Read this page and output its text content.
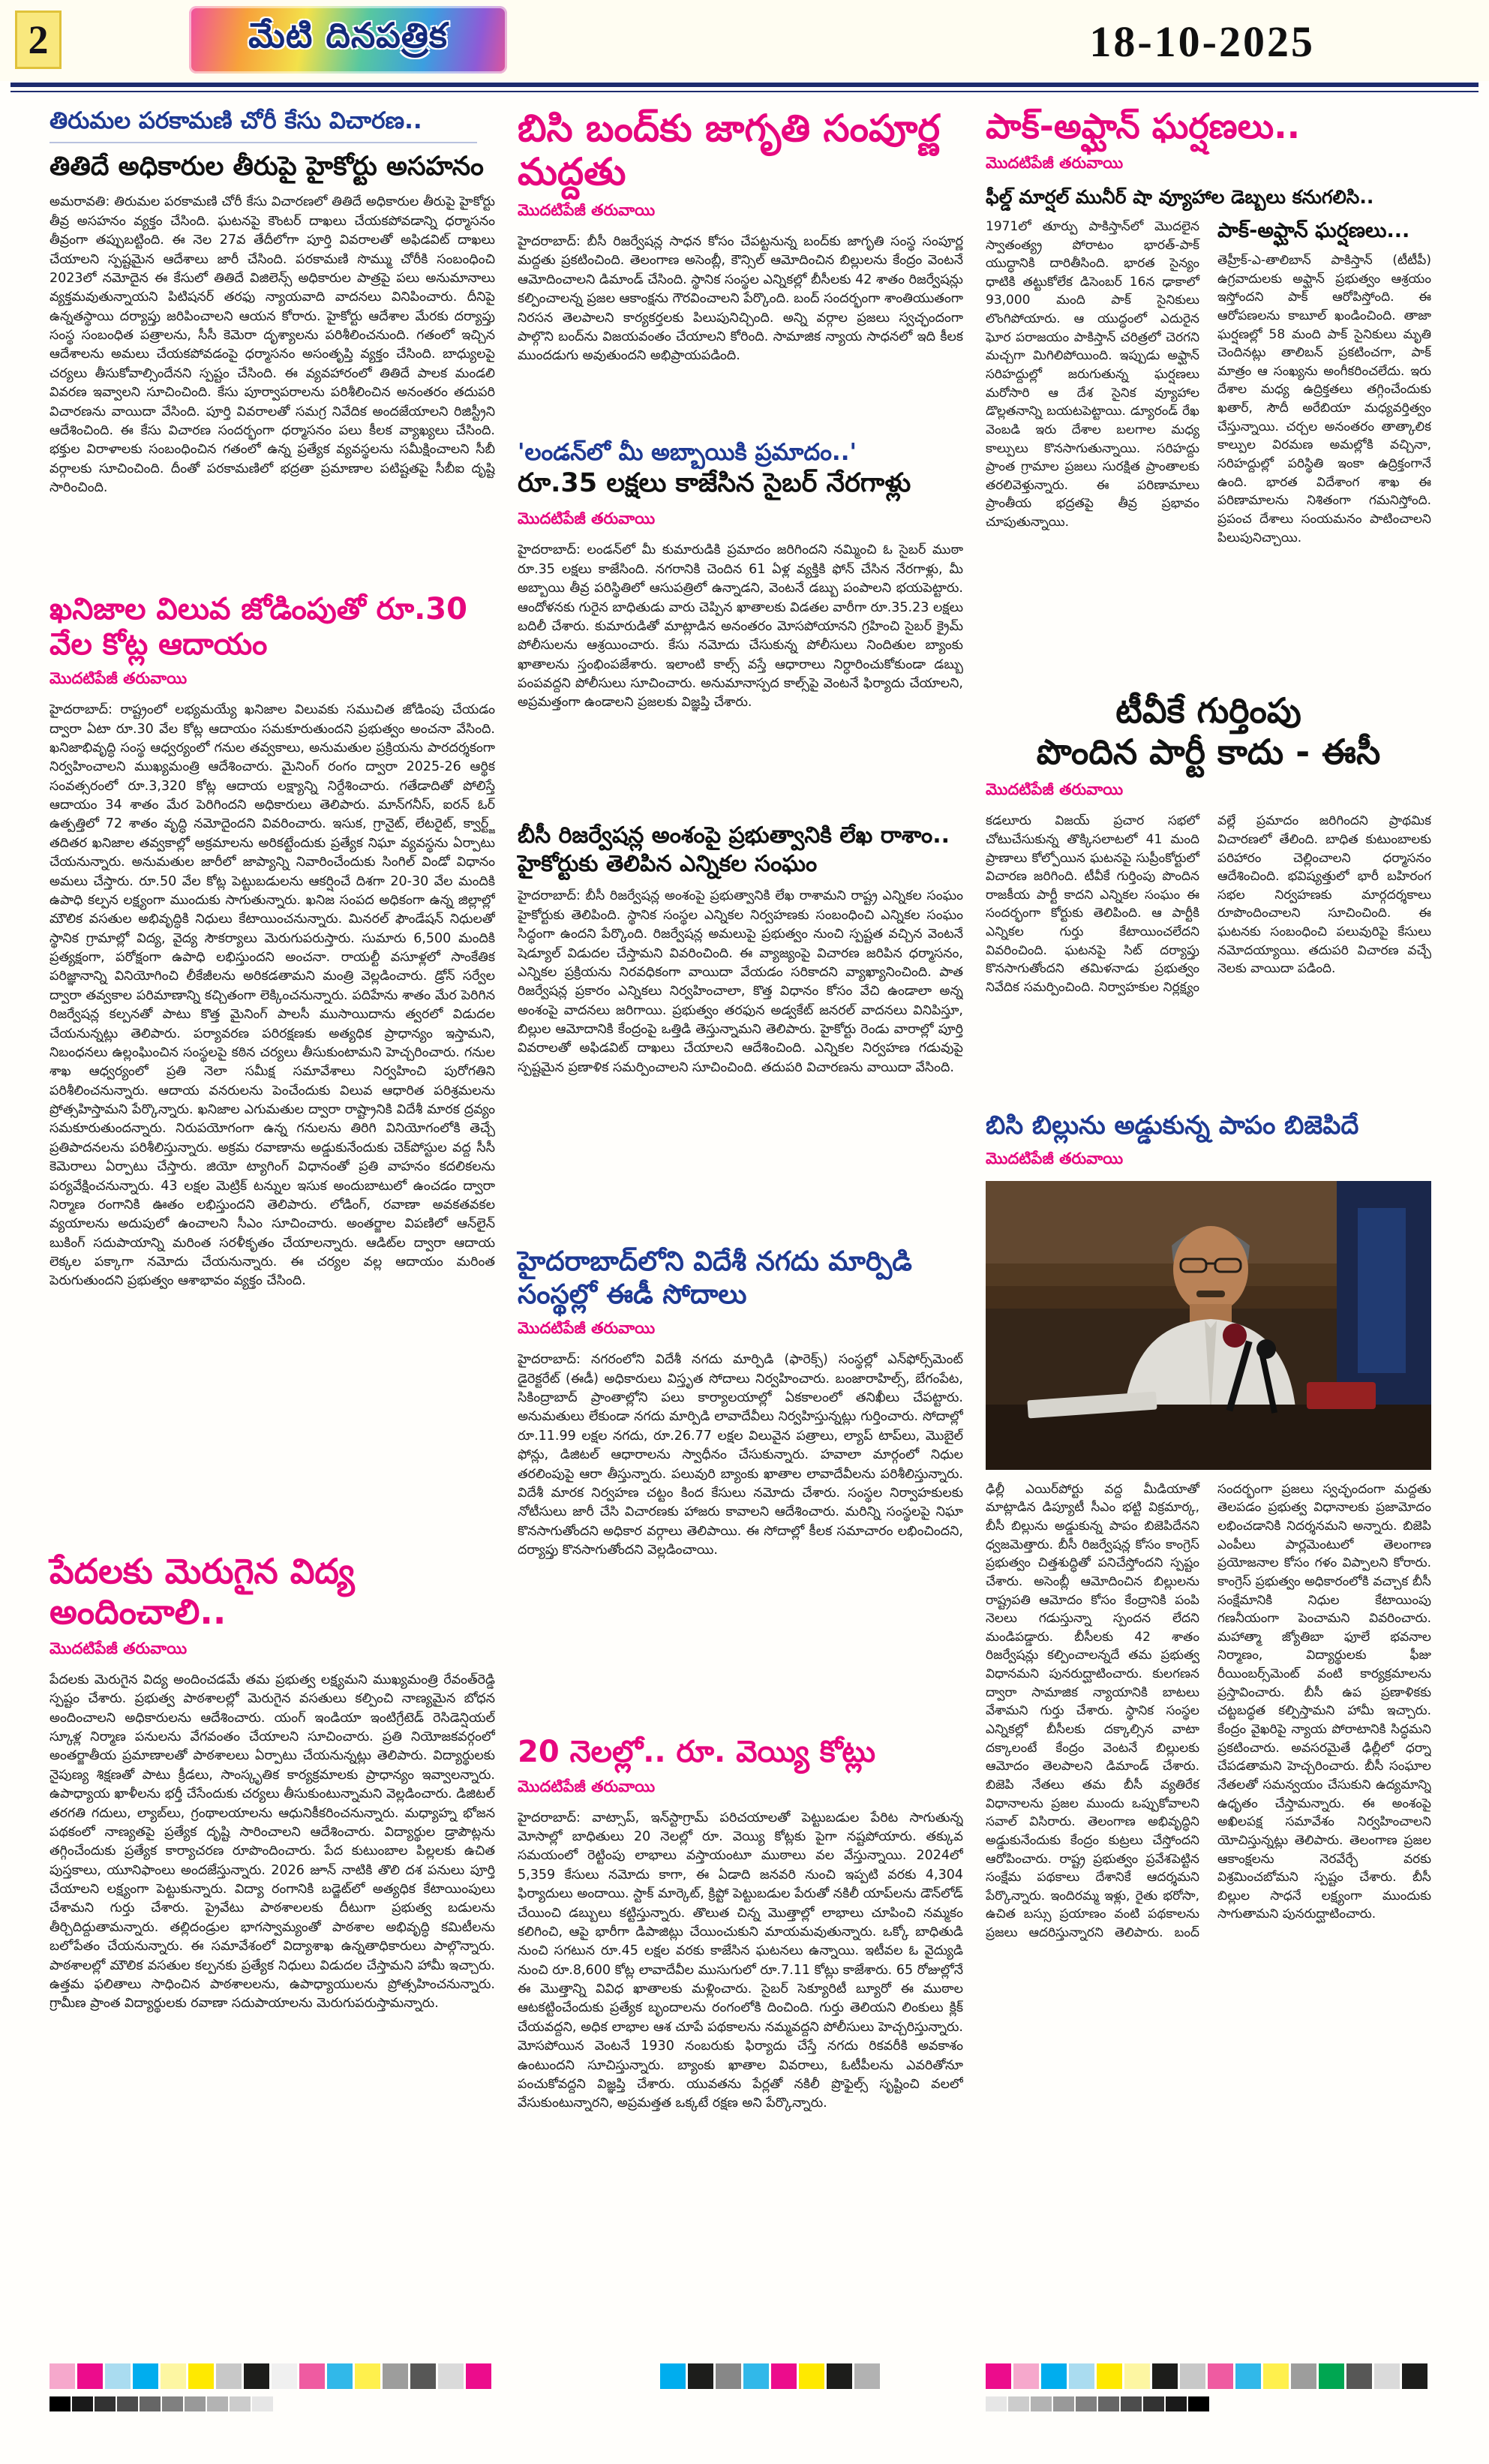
2	మేటి దినపత్రిక	18-10-2025
తిరుమల పరకామణి చోరీ కేసు విచారణ..
తితిదే అధికారుల తీరుపై హైకోర్టు అసహనం

అమరావతి: తిరుమల పరకామణి చోరీ కేసు విచారణలో తితిదే అధికారుల తీరుపై హైకోర్టు తీవ్ర అసహనం వ్యక్తం చేసింది. ఘటనపై కౌంటర్ దాఖలు చేయకపోవడాన్ని ధర్మాసనం తీవ్రంగా తప్పుబట్టింది. ఈ నెల 27వ తేదీలోగా పూర్తి వివరాలతో అఫిడవిట్ దాఖలు చేయాలని స్పష్టమైన ఆదేశాలు జారీ చేసింది. పరకామణి సొమ్ము చోరీకి సంబంధించి 2023లో నమోదైన ఈ కేసులో తితిదే విజిలెన్స్ అధికారుల పాత్రపై పలు అనుమానాలు వ్యక్తమవుతున్నాయని పిటిషనర్ తరఫు న్యాయవాది వాదనలు వినిపించారు. దీనిపై ఉన్నతస్థాయి దర్యాప్తు జరిపించాలని ఆయన కోరారు. హైకోర్టు ఆదేశాల మేరకు దర్యాప్తు సంస్థ సంబంధిత పత్రాలను, సీసీ కెమెరా దృశ్యాలను పరిశీలించనుంది. గతంలో ఇచ్చిన ఆదేశాలను అమలు చేయకపోవడంపై ధర్మాసనం అసంతృప్తి వ్యక్తం చేసింది. బాధ్యులపై చర్యలు తీసుకోవాల్సిందేనని స్పష్టం చేసింది. ఈ వ్యవహారంలో తితిదే పాలక మండలి వివరణ ఇవ్వాలని సూచించింది. కేసు పూర్వాపరాలను పరిశీలించిన అనంతరం తదుపరి విచారణను వాయిదా వేసింది. పూర్తి వివరాలతో సమగ్ర నివేదిక అందజేయాలని రిజిస్ట్రీని ఆదేశించింది. ఈ కేసు విచారణ సందర్భంగా ధర్మాసనం పలు కీలక వ్యాఖ్యలు చేసింది. భక్తుల విరాళాలకు సంబంధించిన గతంలో ఉన్న ప్రత్యేక వ్యవస్థలను సమీక్షించాలని సీబీ వర్గాలకు సూచించింది. దీంతో పరకామణిలో భద్రతా ప్రమాణాల పటిష్టతపై సీబీఐ దృష్టి సారించింది.

ఖనిజాల విలువ జోడింపుతో రూ.30 వేల కోట్ల ఆదాయం
మొదటిపేజీ తరువాయి

హైదరాబాద్: రాష్ట్రంలో లభ్యమయ్యే ఖనిజాల విలువకు సముచిత జోడింపు చేయడం ద్వారా ఏటా రూ.30 వేల కోట్ల ఆదాయం సమకూరుతుందని ప్రభుత్వం అంచనా వేసింది. ఖనిజాభివృద్ధి సంస్థ ఆధ్వర్యంలో గనుల తవ్వకాలు, అనుమతుల ప్రక్రియను పారదర్శకంగా నిర్వహించాలని ముఖ్యమంత్రి ఆదేశించారు. మైనింగ్ రంగం ద్వారా 2025-26 ఆర్థిక సంవత్సరంలో రూ.3,320 కోట్ల ఆదాయ లక్ష్యాన్ని నిర్దేశించారు. గతేడాదితో పోలిస్తే ఆదాయం 34 శాతం మేర పెరిగిందని అధికారులు తెలిపారు. మాన్‌గనీస్, ఐరన్ ఓర్ ఉత్పత్తిలో 72 శాతం వృద్ధి నమోదైందని వివరించారు. ఇసుక, గ్రానైట్, లేటరైట్, క్వార్ట్జ్ తదితర ఖనిజాల తవ్వకాల్లో అక్రమాలను అరికట్టేందుకు ప్రత్యేక నిఘా వ్యవస్థను ఏర్పాటు చేయనున్నారు. అనుమతుల జారీలో జాప్యాన్ని నివారించేందుకు సింగిల్ విండో విధానం అమలు చేస్తారు. రూ.50 వేల కోట్ల పెట్టుబడులను ఆకర్షించే దిశగా 20-30 వేల మందికి ఉపాధి కల్పన లక్ష్యంగా ముందుకు సాగుతున్నారు. ఖనిజ సంపద అధికంగా ఉన్న జిల్లాల్లో మౌలిక వసతుల అభివృద్ధికి నిధులు కేటాయించనున్నారు. మినరల్ ఫౌండేషన్ నిధులతో స్థానిక గ్రామాల్లో విద్య, వైద్య సౌకర్యాలు మెరుగుపరుస్తారు. సుమారు 6,500 మందికి ప్రత్యక్షంగా, పరోక్షంగా ఉపాధి లభిస్తుందని అంచనా. రాయల్టీ వసూళ్లలో సాంకేతిక పరిజ్ఞానాన్ని వినియోగించి లీకేజీలను అరికడతామని మంత్రి వెల్లడించారు. డ్రోన్ సర్వేల ద్వారా తవ్వకాల పరిమాణాన్ని కచ్చితంగా లెక్కించనున్నారు. పదిహేను శాతం మేర పెరిగిన రిజర్వేషన్ల కల్పనతో పాటు కొత్త మైనింగ్ పాలసీ ముసాయిదాను త్వరలో విడుదల చేయనున్నట్లు తెలిపారు. పర్యావరణ పరిరక్షణకు అత్యధిక ప్రాధాన్యం ఇస్తామని, నిబంధనలు ఉల్లంఘించిన సంస్థలపై కఠిన చర్యలు తీసుకుంటామని హెచ్చరించారు. గనుల శాఖ ఆధ్వర్యంలో ప్రతి నెలా సమీక్ష సమావేశాలు నిర్వహించి పురోగతిని పరిశీలించనున్నారు. ఆదాయ వనరులను పెంచేందుకు విలువ ఆధారిత పరిశ్రమలను ప్రోత్సహిస్తామని పేర్కొన్నారు. ఖనిజాల ఎగుమతుల ద్వారా రాష్ట్రానికి విదేశీ మారక ద్రవ్యం సమకూరుతుందన్నారు. నిరుపయోగంగా ఉన్న గనులను తిరిగి వినియోగంలోకి తెచ్చే ప్రతిపాదనలను పరిశీలిస్తున్నారు. అక్రమ రవాణాను అడ్డుకునేందుకు చెక్‌పోస్టుల వద్ద సీసీ కెమెరాలు ఏర్పాటు చేస్తారు. జియో ట్యాగింగ్ విధానంతో ప్రతి వాహనం కదలికలను పర్యవేక్షించనున్నారు. 43 లక్షల మెట్రిక్ టన్నుల ఇసుక అందుబాటులో ఉంచడం ద్వారా నిర్మాణ రంగానికి ఊతం లభిస్తుందని తెలిపారు. లోడింగ్, రవాణా అవకతవకల వ్యయాలను అదుపులో ఉంచాలని సీఎం సూచించారు. అంతర్జాల విపణిలో ఆన్‌లైన్ బుకింగ్ సదుపాయాన్ని మరింత సరళీకృతం చేయాలన్నారు. ఆడిట్‌ల ద్వారా ఆదాయ లెక్కల పక్కాగా నమోదు చేయనున్నారు. ఈ చర్యల వల్ల ఆదాయం మరింత పెరుగుతుందని ప్రభుత్వం ఆశాభావం వ్యక్తం చేసింది.

పేదలకు మెరుగైన విద్య అందించాలి..
మొదటిపేజీ తరువాయి

పేదలకు మెరుగైన విద్య అందించడమే తమ ప్రభుత్వ లక్ష్యమని ముఖ్యమంత్రి రేవంత్‌రెడ్డి స్పష్టం చేశారు. ప్రభుత్వ పాఠశాలల్లో మెరుగైన వసతులు కల్పించి నాణ్యమైన బోధన అందించాలని అధికారులను ఆదేశించారు. యంగ్ ఇండియా ఇంటిగ్రేటెడ్ రెసిడెన్షియల్ స్కూళ్ల నిర్మాణ పనులను వేగవంతం చేయాలని సూచించారు. ప్రతి నియోజకవర్గంలో అంతర్జాతీయ ప్రమాణాలతో పాఠశాలలు ఏర్పాటు చేయనున్నట్లు తెలిపారు. విద్యార్థులకు నైపుణ్య శిక్షణతో పాటు క్రీడలు, సాంస్కృతిక కార్యక్రమాలకు ప్రాధాన్యం ఇవ్వాలన్నారు. ఉపాధ్యాయ ఖాళీలను భర్తీ చేసేందుకు చర్యలు తీసుకుంటున్నామని వెల్లడించారు. డిజిటల్ తరగతి గదులు, ల్యాబ్‌లు, గ్రంథాలయాలను ఆధునికీకరించనున్నారు. మధ్యాహ్న భోజన పథకంలో నాణ్యతపై ప్రత్యేక దృష్టి సారించాలని ఆదేశించారు. విద్యార్థుల డ్రాపౌట్లను తగ్గించేందుకు ప్రత్యేక కార్యాచరణ రూపొందించారు. పేద కుటుంబాల పిల్లలకు ఉచిత పుస్తకాలు, యూనిఫాంలు అందజేస్తున్నారు. 2026 జూన్ నాటికి తొలి దశ పనులు పూర్తి చేయాలని లక్ష్యంగా పెట్టుకున్నారు. విద్యా రంగానికి బడ్జెట్‌లో అత్యధిక కేటాయింపులు చేశామని గుర్తు చేశారు. ప్రైవేటు పాఠశాలలకు దీటుగా ప్రభుత్వ బడులను తీర్చిదిద్దుతామన్నారు. తల్లిదండ్రుల భాగస్వామ్యంతో పాఠశాల అభివృద్ధి కమిటీలను బలోపేతం చేయనున్నారు. ఈ సమావేశంలో విద్యాశాఖ ఉన్నతాధికారులు పాల్గొన్నారు. పాఠశాలల్లో మౌలిక వసతుల కల్పనకు ప్రత్యేక నిధులు విడుదల చేస్తామని హామీ ఇచ్చారు. ఉత్తమ ఫలితాలు సాధించిన పాఠశాలలను, ఉపాధ్యాయులను ప్రోత్సహించనున్నారు. గ్రామీణ ప్రాంత విద్యార్థులకు రవాణా సదుపాయాలను మెరుగుపరుస్తామన్నారు.

బిసి బంద్‌కు జాగృతి సంపూర్ణ మద్దతు
మొదటిపేజీ తరువాయి

హైదరాబాద్: బీసీ రిజర్వేషన్ల సాధన కోసం చేపట్టనున్న బంద్‌కు జాగృతి సంస్థ సంపూర్ణ మద్దతు ప్రకటించింది. తెలంగాణ అసెంబ్లీ, కౌన్సిల్ ఆమోదించిన బిల్లులను కేంద్రం వెంటనే ఆమోదించాలని డిమాండ్ చేసింది. స్థానిక సంస్థల ఎన్నికల్లో బీసీలకు 42 శాతం రిజర్వేషన్లు కల్పించాలన్న ప్రజల ఆకాంక్షను గౌరవించాలని పేర్కొంది. బంద్ సందర్భంగా శాంతియుతంగా నిరసన తెలపాలని కార్యకర్తలకు పిలుపునిచ్చింది. అన్ని వర్గాల ప్రజలు స్వచ్ఛందంగా పాల్గొని బంద్‌ను విజయవంతం చేయాలని కోరింది. సామాజిక న్యాయ సాధనలో ఇది కీలక ముందడుగు అవుతుందని అభిప్రాయపడింది.

'లండన్‌లో మీ అబ్బాయికి ప్రమాదం..'
రూ.35 లక్షలు కాజేసిన సైబర్ నేరగాళ్లు
మొదటిపేజీ తరువాయి

హైదరాబాద్: లండన్‌లో మీ కుమారుడికి ప్రమాదం జరిగిందని నమ్మించి ఓ సైబర్ ముఠా రూ.35 లక్షలు కాజేసింది. నగరానికి చెందిన 61 ఏళ్ల వ్యక్తికి ఫోన్ చేసిన నేరగాళ్లు, మీ అబ్బాయి తీవ్ర పరిస్థితిలో ఆసుపత్రిలో ఉన్నాడని, వెంటనే డబ్బు పంపాలని భయపెట్టారు. ఆందోళనకు గురైన బాధితుడు వారు చెప్పిన ఖాతాలకు విడతల వారీగా రూ.35.23 లక్షలు బదిలీ చేశారు. కుమారుడితో మాట్లాడిన అనంతరం మోసపోయానని గ్రహించి సైబర్ క్రైమ్ పోలీసులను ఆశ్రయించారు. కేసు నమోదు చేసుకున్న పోలీసులు నిందితుల బ్యాంకు ఖాతాలను స్తంభింపజేశారు. ఇలాంటి కాల్స్ వస్తే ఆధారాలు నిర్ధారించుకోకుండా డబ్బు పంపవద్దని పోలీసులు సూచించారు. అనుమానాస్పద కాల్స్‌పై వెంటనే ఫిర్యాదు చేయాలని, అప్రమత్తంగా ఉండాలని ప్రజలకు విజ్ఞప్తి చేశారు.

బీసీ రిజర్వేషన్ల అంశంపై ప్రభుత్వానికి లేఖ రాశాం.. హైకోర్టుకు తెలిపిన ఎన్నికల సంఘం

హైదరాబాద్: బీసీ రిజర్వేషన్ల అంశంపై ప్రభుత్వానికి లేఖ రాశామని రాష్ట్ర ఎన్నికల సంఘం హైకోర్టుకు తెలిపింది. స్థానిక సంస్థల ఎన్నికల నిర్వహణకు సంబంధించి ఎన్నికల సంఘం సిద్ధంగా ఉందని పేర్కొంది. రిజర్వేషన్ల అమలుపై ప్రభుత్వం నుంచి స్పష్టత వచ్చిన వెంటనే షెడ్యూల్ విడుదల చేస్తామని వివరించింది. ఈ వ్యాజ్యంపై విచారణ జరిపిన ధర్మాసనం, ఎన్నికల ప్రక్రియను నిరవధికంగా వాయిదా వేయడం సరికాదని వ్యాఖ్యానించింది. పాత రిజర్వేషన్ల ప్రకారం ఎన్నికలు నిర్వహించాలా, కొత్త విధానం కోసం వేచి ఉండాలా అన్న అంశంపై వాదనలు జరిగాయి. ప్రభుత్వం తరఫున అడ్వకేట్ జనరల్ వాదనలు వినిపిస్తూ, బిల్లుల ఆమోదానికి కేంద్రంపై ఒత్తిడి తెస్తున్నామని తెలిపారు. హైకోర్టు రెండు వారాల్లో పూర్తి వివరాలతో అఫిడవిట్ దాఖలు చేయాలని ఆదేశించింది. ఎన్నికల నిర్వహణ గడువుపై స్పష్టమైన ప్రణాళిక సమర్పించాలని సూచించింది. తదుపరి విచారణను వాయిదా వేసింది.

హైదరాబాద్‌లోని విదేశీ నగదు మార్పిడి సంస్థల్లో ఈడీ సోదాలు
మొదటిపేజీ తరువాయి

హైదరాబాద్: నగరంలోని విదేశీ నగదు మార్పిడి (ఫారెక్స్) సంస్థల్లో ఎన్‌ఫోర్స్‌మెంట్ డైరెక్టరేట్ (ఈడీ) అధికారులు విస్తృత సోదాలు నిర్వహించారు. బంజారాహిల్స్, బేగంపేట, సికింద్రాబాద్ ప్రాంతాల్లోని పలు కార్యాలయాల్లో ఏకకాలంలో తనిఖీలు చేపట్టారు. అనుమతులు లేకుండా నగదు మార్పిడి లావాదేవీలు నిర్వహిస్తున్నట్లు గుర్తించారు. సోదాల్లో రూ.11.99 లక్షల నగదు, రూ.26.77 లక్షల విలువైన పత్రాలు, ల్యాప్ టాప్‌లు, మొబైల్ ఫోన్లు, డిజిటల్ ఆధారాలను స్వాధీనం చేసుకున్నారు. హవాలా మార్గంలో నిధుల తరలింపుపై ఆరా తీస్తున్నారు. పలువురి బ్యాంకు ఖాతాల లావాదేవీలను పరిశీలిస్తున్నారు. విదేశీ మారక నిర్వహణ చట్టం కింద కేసులు నమోదు చేశారు. సంస్థల నిర్వాహకులకు నోటీసులు జారీ చేసి విచారణకు హాజరు కావాలని ఆదేశించారు. మరిన్ని సంస్థలపై నిఘా కొనసాగుతోందని అధికార వర్గాలు తెలిపాయి. ఈ సోదాల్లో కీలక సమాచారం లభించిందని, దర్యాప్తు కొనసాగుతోందని వెల్లడించాయి.

20 నెలల్లో.. రూ. వెయ్యి కోట్లు
మొదటిపేజీ తరువాయి

హైదరాబాద్: వాట్సాప్, ఇన్‌స్టాగ్రామ్ పరిచయాలతో పెట్టుబడుల పేరిట సాగుతున్న మోసాల్లో బాధితులు 20 నెలల్లో రూ. వెయ్యి కోట్లకు పైగా నష్టపోయారు. తక్కువ సమయంలో రెట్టింపు లాభాలు వస్తాయంటూ ముఠాలు వల వేస్తున్నాయి. 2024లో 5,359 కేసులు నమోదు కాగా, ఈ ఏడాది జనవరి నుంచి ఇప్పటి వరకు 4,304 ఫిర్యాదులు అందాయి. స్టాక్ మార్కెట్, క్రిప్టో పెట్టుబడుల పేరుతో నకిలీ యాప్‌లను డౌన్‌లోడ్ చేయించి డబ్బులు కట్టిస్తున్నారు. తొలుత చిన్న మొత్తాల్లో లాభాలు చూపించి నమ్మకం కలిగించి, ఆపై భారీగా డిపాజిట్లు చేయించుకుని మాయమవుతున్నారు. ఒక్కో బాధితుడి నుంచి సగటున రూ.45 లక్షల వరకు కాజేసిన ఘటనలు ఉన్నాయి. ఇటీవల ఓ వైద్యుడి నుంచి రూ.8,600 కోట్ల లావాదేవీల ముసుగులో రూ.7.11 కోట్లు కాజేశారు. 65 రోజుల్లోనే ఈ మొత్తాన్ని వివిధ ఖాతాలకు మళ్లించారు. సైబర్ సెక్యూరిటీ బ్యూరో ఈ ముఠాల ఆటకట్టించేందుకు ప్రత్యేక బృందాలను రంగంలోకి దించింది. గుర్తు తెలియని లింకులు క్లిక్ చేయవద్దని, అధిక లాభాల ఆశ చూపే పథకాలను నమ్మవద్దని పోలీసులు హెచ్చరిస్తున్నారు. మోసపోయిన వెంటనే 1930 నంబరుకు ఫిర్యాదు చేస్తే నగదు రికవరీకి అవకాశం ఉంటుందని సూచిస్తున్నారు. బ్యాంకు ఖాతాల వివరాలు, ఓటీపీలను ఎవరితోనూ పంచుకోవద్దని విజ్ఞప్తి చేశారు. యువతను పేర్లతో నకిలీ ప్రొఫైల్స్ సృష్టించి వలలో వేసుకుంటున్నారని, అప్రమత్తత ఒక్కటే రక్షణ అని పేర్కొన్నారు.

పాక్-అఫ్ఘాన్ ఘర్షణలు..
మొదటిపేజీ తరువాయి
ఫీల్డ్ మార్షల్ మునీర్ షా వ్యూహాల డెబ్బలు కనుగలిసి..

1971లో తూర్పు పాకిస్తాన్‌లో మొదలైన స్వాతంత్య్ర పోరాటం భారత్-పాక్ యుద్ధానికి దారితీసింది. భారత సైన్యం ధాటికి తట్టుకోలేక డిసెంబర్ 16న ఢాకాలో 93,000 మంది పాక్ సైనికులు లొంగిపోయారు. ఆ యుద్ధంలో ఎదురైన ఘోర పరాజయం పాకిస్తాన్ చరిత్రలో చెరగని మచ్చగా మిగిలిపోయింది. ఇప్పుడు అఫ్ఘాన్ సరిహద్దుల్లో జరుగుతున్న ఘర్షణలు మరోసారి ఆ దేశ సైనిక వ్యూహాల డొల్లతనాన్ని బయటపెట్టాయి. డ్యూరండ్ రేఖ వెంబడి ఇరు దేశాల బలగాల మధ్య కాల్పులు కొనసాగుతున్నాయి. సరిహద్దు ప్రాంత గ్రామాల ప్రజలు సురక్షిత ప్రాంతాలకు తరలివెళ్తున్నారు. ఈ పరిణామాలు ప్రాంతీయ భద్రతపై తీవ్ర ప్రభావం చూపుతున్నాయి.

పాక్-అఫ్ఘాన్ ఘర్షణలు...

తెహ్రీక్-ఎ-తాలిబాన్ పాకిస్తాన్ (టీటీపీ) ఉగ్రవాదులకు అఫ్ఘాన్ ప్రభుత్వం ఆశ్రయం ఇస్తోందని పాక్ ఆరోపిస్తోంది. ఈ ఆరోపణలను కాబూల్ ఖండించింది. తాజా ఘర్షణల్లో 58 మంది పాక్ సైనికులు మృతి చెందినట్లు తాలిబన్ ప్రకటించగా, పాక్ మాత్రం ఆ సంఖ్యను అంగీకరించలేదు. ఇరు దేశాల మధ్య ఉద్రిక్తతలు తగ్గించేందుకు ఖతార్, సౌదీ అరేబియా మధ్యవర్తిత్వం చేస్తున్నాయి. చర్చల అనంతరం తాత్కాలిక కాల్పుల విరమణ అమల్లోకి వచ్చినా, సరిహద్దుల్లో పరిస్థితి ఇంకా ఉద్రిక్తంగానే ఉంది. భారత విదేశాంగ శాఖ ఈ పరిణామాలను నిశితంగా గమనిస్తోంది. ప్రపంచ దేశాలు సంయమనం పాటించాలని పిలుపునిచ్చాయి.

టీవీకే గుర్తింపు
పొందిన పార్టీ కాదు - ఈసీ
మొదటిపేజీ తరువాయి

కడలూరు విజయ్ ప్రచార సభలో చోటుచేసుకున్న తొక్కిసలాటలో 41 మంది ప్రాణాలు కోల్పోయిన ఘటనపై సుప్రీంకోర్టులో విచారణ జరిగింది. టీవీకే గుర్తింపు పొందిన రాజకీయ పార్టీ కాదని ఎన్నికల సంఘం ఈ సందర్భంగా కోర్టుకు తెలిపింది. ఆ పార్టీకి ఎన్నికల గుర్తు కేటాయించలేదని వివరించింది. ఘటనపై సిట్ దర్యాప్తు కొనసాగుతోందని తమిళనాడు ప్రభుత్వం నివేదిక సమర్పించింది. నిర్వాహకుల నిర్లక్ష్యం వల్లే ప్రమాదం జరిగిందని ప్రాథమిక విచారణలో తేలింది. బాధిత కుటుంబాలకు పరిహారం చెల్లించాలని ధర్మాసనం ఆదేశించింది. భవిష్యత్తులో భారీ బహిరంగ సభల నిర్వహణకు మార్గదర్శకాలు రూపొందించాలని సూచించింది. ఈ ఘటనకు సంబంధించి పలువురిపై కేసులు నమోదయ్యాయి. తదుపరి విచారణ వచ్చే నెలకు వాయిదా పడింది.

బిసి బిల్లును అడ్డుకున్న పాపం బిజెపిదే
మొదటిపేజీ తరువాయి

ఢిల్లీ ఎయిర్‌పోర్టు వద్ద మీడియాతో మాట్లాడిన డిప్యూటీ సీఎం భట్టి విక్రమార్క, బీసీ బిల్లును అడ్డుకున్న పాపం బిజెపిదేనని ధ్వజమెత్తారు. బీసీ రిజర్వేషన్ల కోసం కాంగ్రెస్ ప్రభుత్వం చిత్తశుద్ధితో పనిచేస్తోందని స్పష్టం చేశారు. అసెంబ్లీ ఆమోదించిన బిల్లులను రాష్ట్రపతి ఆమోదం కోసం కేంద్రానికి పంపి నెలలు గడుస్తున్నా స్పందన లేదని మండిపడ్డారు. బీసీలకు 42 శాతం రిజర్వేషన్లు కల్పించాలన్నదే తమ ప్రభుత్వ విధానమని పునరుద్ఘాటించారు. కులగణన ద్వారా సామాజిక న్యాయానికి బాటలు వేశామని గుర్తు చేశారు. స్థానిక సంస్థల ఎన్నికల్లో బీసీలకు దక్కాల్సిన వాటా దక్కాలంటే కేంద్రం వెంటనే బిల్లులకు ఆమోదం తెలపాలని డిమాండ్ చేశారు. బిజెపి నేతలు తమ బీసీ వ్యతిరేక విధానాలను ప్రజల ముందు ఒప్పుకోవాలని సవాల్ విసిరారు. తెలంగాణ అభివృద్ధిని అడ్డుకునేందుకు కేంద్రం కుట్రలు చేస్తోందని ఆరోపించారు. రాష్ట్ర ప్రభుత్వం ప్రవేశపెట్టిన సంక్షేమ పథకాలు దేశానికే ఆదర్శమని పేర్కొన్నారు. ఇందిరమ్మ ఇళ్లు, రైతు భరోసా, ఉచిత బస్సు ప్రయాణం వంటి పథకాలను ప్రజలు ఆదరిస్తున్నారని తెలిపారు. బంద్ సందర్భంగా ప్రజలు స్వచ్ఛందంగా మద్దతు తెలపడం ప్రభుత్వ విధానాలకు ప్రజామోదం లభించడానికి నిదర్శనమని అన్నారు. బిజెపి ఎంపీలు పార్లమెంటులో తెలంగాణ ప్రయోజనాల కోసం గళం విప్పాలని కోరారు. కాంగ్రెస్ ప్రభుత్వం అధికారంలోకి వచ్చాక బీసీ సంక్షేమానికి నిధుల కేటాయింపు గణనీయంగా పెంచామని వివరించారు. మహాత్మా జ్యోతిబా ఫూలే భవనాల నిర్మాణం, విద్యార్థులకు ఫీజు రీయింబర్స్‌మెంట్ వంటి కార్యక్రమాలను ప్రస్తావించారు. బీసీ ఉప ప్రణాళికకు చట్టబద్ధత కల్పిస్తామని హామీ ఇచ్చారు. కేంద్రం వైఖరిపై న్యాయ పోరాటానికి సిద్ధమని ప్రకటించారు. అవసరమైతే ఢిల్లీలో ధర్నా చేపడతామని హెచ్చరించారు. బీసీ సంఘాల నేతలతో సమన్వయం చేసుకుని ఉద్యమాన్ని ఉధృతం చేస్తామన్నారు. ఈ అంశంపై అఖిలపక్ష సమావేశం నిర్వహించాలని యోచిస్తున్నట్లు తెలిపారు. తెలంగాణ ప్రజల ఆకాంక్షలను నెరవేర్చే వరకు విశ్రమించబోమని స్పష్టం చేశారు. బీసీ బిల్లుల సాధనే లక్ష్యంగా ముందుకు సాగుతామని పునరుద్ఘాటించారు.
